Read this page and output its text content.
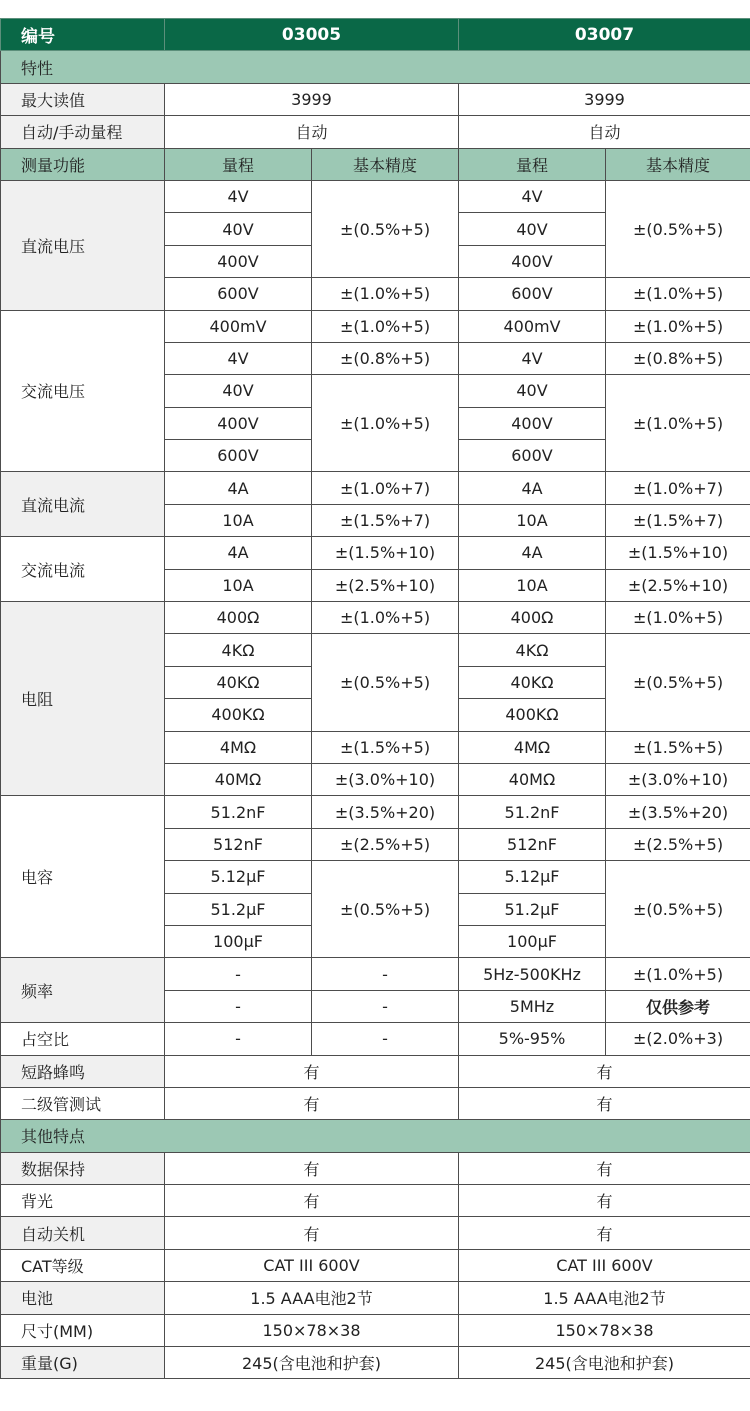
编号	03005		03007	
特性				
最大读值	3999		3999	
自动/手动量程	自动		自动	
测量功能	量程	基本精度	量程	基本精度
直流电压	4V	±(0.5%+5)	4V	±(0.5%+5)
	40V		40V	
	400V		400V	
	600V	±(1.0%+5)	600V	±(1.0%+5)
交流电压	400mV	±(1.0%+5)	400mV	±(1.0%+5)
	4V	±(0.8%+5)	4V	±(0.8%+5)
	40V	±(1.0%+5)	40V	±(1.0%+5)
	400V		400V	
	600V		600V	
直流电流	4A	±(1.0%+7)	4A	±(1.0%+7)
	10A	±(1.5%+7)	10A	±(1.5%+7)
交流电流	4A	±(1.5%+10)	4A	±(1.5%+10)
	10A	±(2.5%+10)	10A	±(2.5%+10)
电阻	400Ω	±(1.0%+5)	400Ω	±(1.0%+5)
	4KΩ	±(0.5%+5)	4KΩ	±(0.5%+5)
	40KΩ		40KΩ	
	400KΩ		400KΩ	
	4MΩ	±(1.5%+5)	4MΩ	±(1.5%+5)
	40MΩ	±(3.0%+10)	40MΩ	±(3.0%+10)
电容	51.2nF	±(3.5%+20)	51.2nF	±(3.5%+20)
	512nF	±(2.5%+5)	512nF	±(2.5%+5)
	5.12μF	±(0.5%+5)	5.12μF	±(0.5%+5)
	51.2μF		51.2μF	
	100μF		100μF	
频率	-	-	5Hz-500KHz	±(1.0%+5)
	-	-	5MHz	仅供参考
占空比	-	-	5%-95%	±(2.0%+3)
短路蜂鸣	有		有	
二级管测试	有		有	
其他特点				
数据保持	有		有	
背光	有		有	
自动关机	有		有	
CAT等级	CAT III 600V		CAT III 600V	
电池	1.5 AAA电池2节		1.5 AAA电池2节	
尺寸(MM)	150×78×38		150×78×38	
重量(G)	245(含电池和护套)		245(含电池和护套)	
